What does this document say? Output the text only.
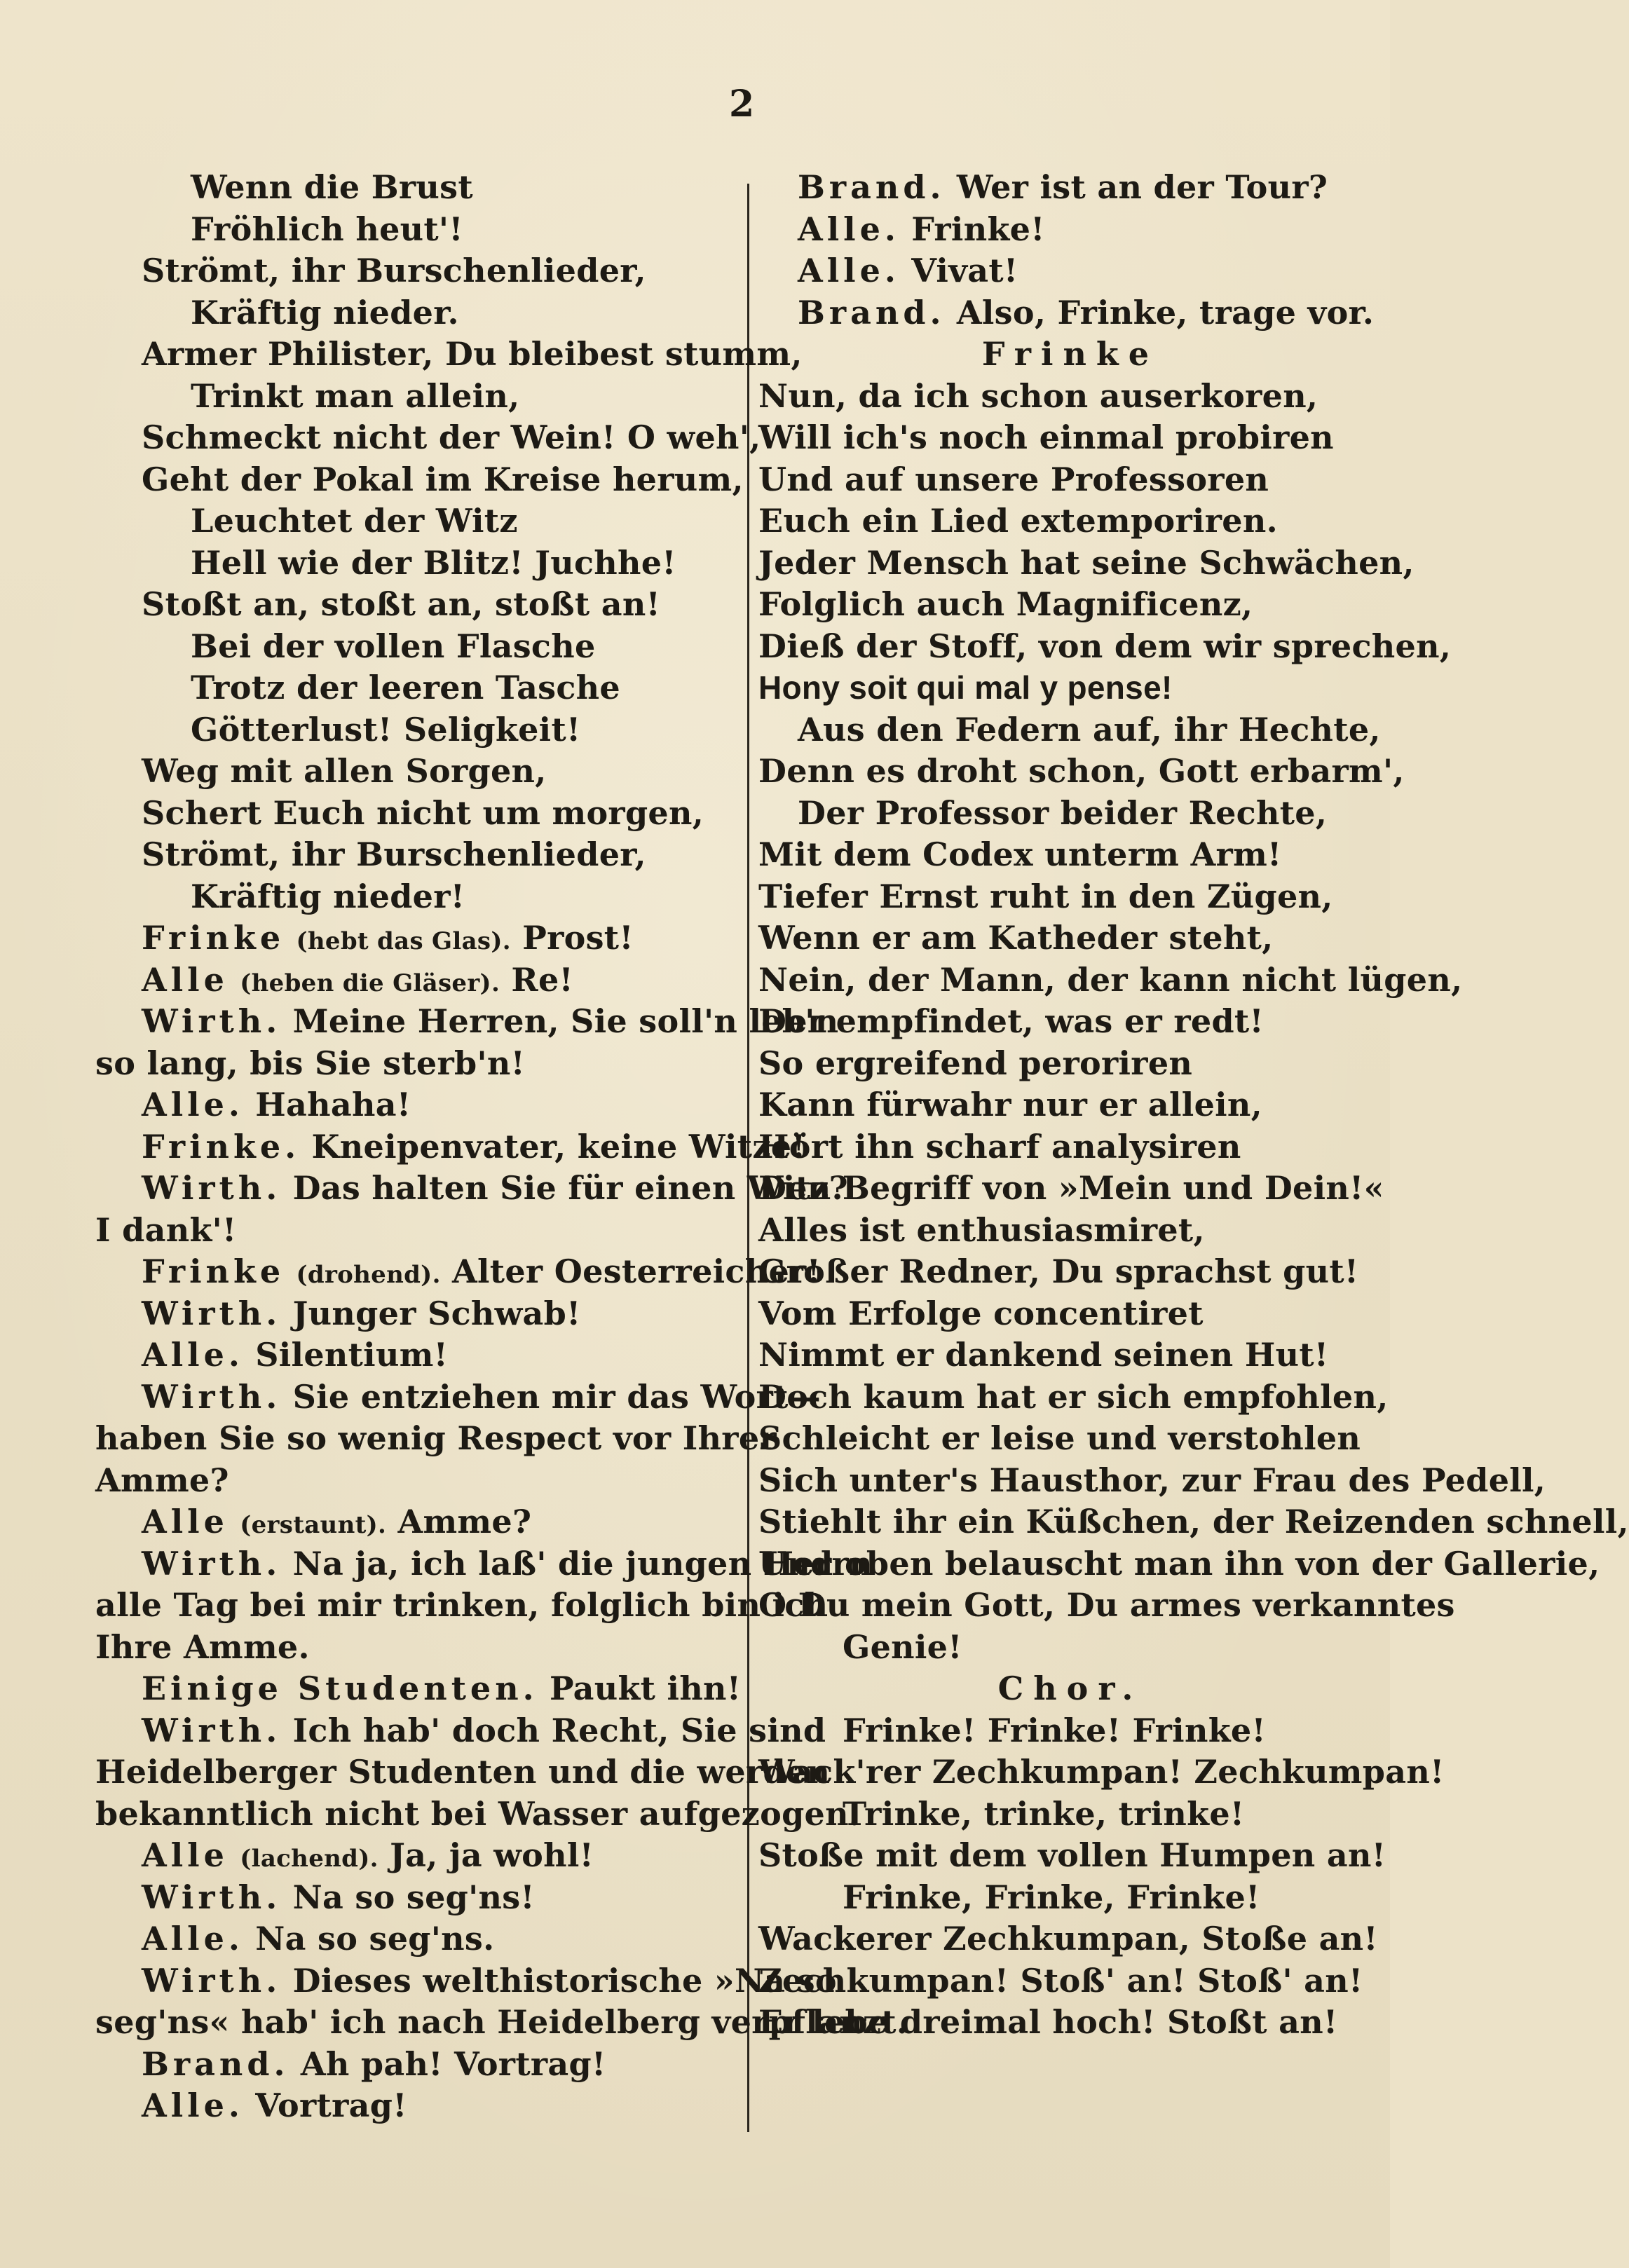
2
Wenn die Brust
Fröhlich heut'!
Strömt, ihr Burschenlieder,
Kräftig nieder.
Armer Philister, Du bleibest stumm,
Trinkt man allein,
Schmeckt nicht der Wein! O weh',
Geht der Pokal im Kreise herum,
Leuchtet der Witz
Hell wie der Blitz! Juchhe!
Stoßt an, stoßt an, stoßt an!
Bei der vollen Flasche
Trotz der leeren Tasche
Götterlust! Seligkeit!
Weg mit allen Sorgen,
Schert Euch nicht um morgen,
Strömt, ihr Burschenlieder,
Kräftig nieder!
Frinke (hebt das Glas). Prost!
Alle (heben die Gläser). Re!
Wirth. Meine Herren, Sie soll'n leb'n
so lang, bis Sie sterb'n!
Alle. Hahaha!
Frinke. Kneipenvater, keine Witze!
Wirth. Das halten Sie für einen Witz?
I dank'!
Frinke (drohend). Alter Oesterreicher!
Wirth. Junger Schwab!
Alle. Silentium!
Wirth. Sie entziehen mir das Wort—
haben Sie so wenig Respect vor Ihrer
Amme?
Alle (erstaunt). Amme?
Wirth. Na ja, ich laß' die jungen Herrn
alle Tag bei mir trinken, folglich bin ich
Ihre Amme.
Einige Studenten. Paukt ihn!
Wirth. Ich hab' doch Recht, Sie sind
Heidelberger Studenten und die werden
bekanntlich nicht bei Wasser aufgezogen.
Alle (lachend). Ja, ja wohl!
Wirth. Na so seg'ns!
Alle. Na so seg'ns.
Wirth. Dieses welthistorische »Na so
seg'ns« hab' ich nach Heidelberg verpflanzt.
Brand. Ah pah! Vortrag!
Alle. Vortrag!
Brand. Wer ist an der Tour?
Alle. Frinke!
Alle. Vivat!
Brand. Also, Frinke, trage vor.
Frinke
Nun, da ich schon auserkoren,
Will ich's noch einmal probiren
Und auf unsere Professoren
Euch ein Lied extemporiren.
Jeder Mensch hat seine Schwächen,
Folglich auch Magnificenz,
Dieß der Stoff, von dem wir sprechen,
Hony soit qui mal y pense!
Aus den Federn auf, ihr Hechte,
Denn es droht schon, Gott erbarm',
Der Professor beider Rechte,
Mit dem Codex unterm Arm!
Tiefer Ernst ruht in den Zügen,
Wenn er am Katheder steht,
Nein, der Mann, der kann nicht lügen,
Der empfindet, was er redt!
So ergreifend peroriren
Kann fürwahr nur er allein,
Hört ihn scharf analysiren
Den Begriff von »Mein und Dein!«
Alles ist enthusiasmiret,
Großer Redner, Du sprachst gut!
Vom Erfolge concentiret
Nimmt er dankend seinen Hut!
Doch kaum hat er sich empfohlen,
Schleicht er leise und verstohlen
Sich unter's Hausthor, zur Frau des Pedell,
Stiehlt ihr ein Küßchen, der Reizenden schnell,
Und oben belauscht man ihn von der Gallerie,
O Du mein Gott, Du armes verkanntes
Genie!
Chor.
Frinke! Frinke! Frinke!
Wack'rer Zechkumpan! Zechkumpan!
Trinke, trinke, trinke!
Stoße mit dem vollen Humpen an!
Frinke, Frinke, Frinke!
Wackerer Zechkumpan, Stoße an!
Zechkumpan! Stoß' an! Stoß' an!
Er lebe dreimal hoch! Stoßt an!
